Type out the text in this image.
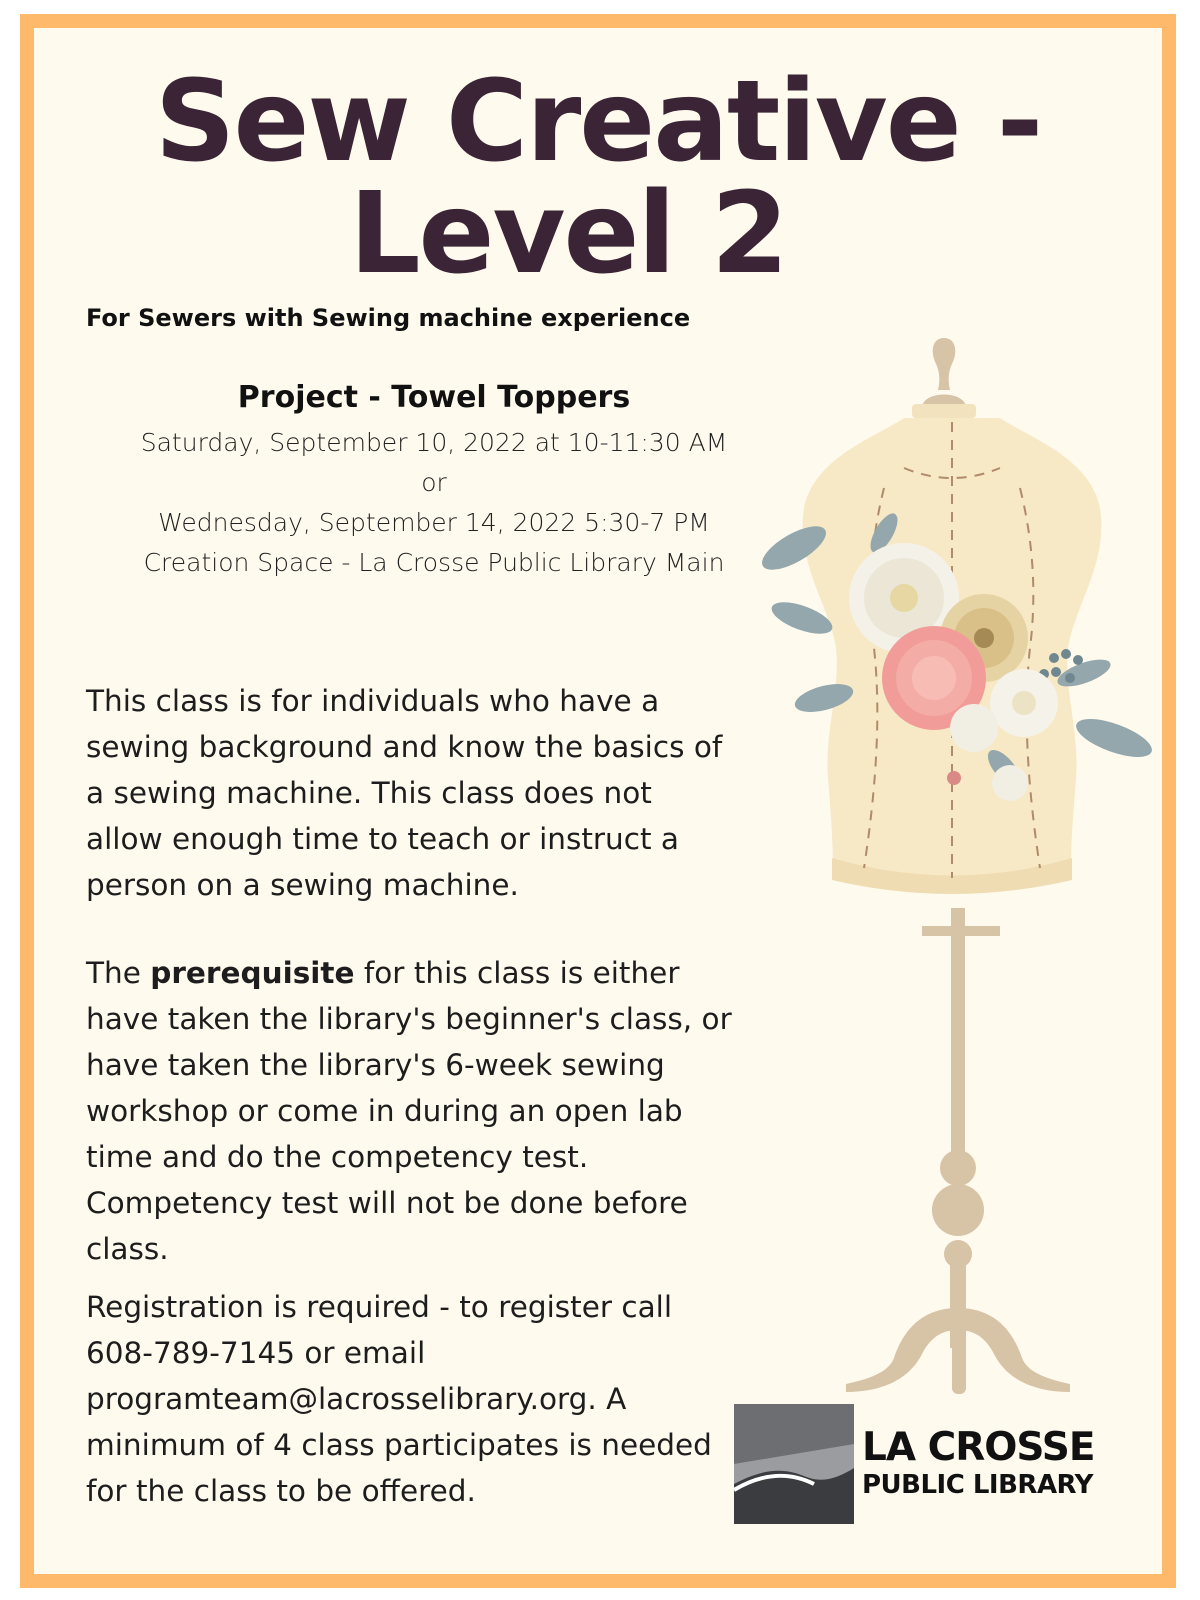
Sew Creative -
Level 2
For Sewers with Sewing machine experience
Project - Towel Toppers
Saturday, September 10, 2022 at 10-11:30 AM
or
Wednesday, September 14, 2022 5:30-7 PM
Creation Space - La Crosse Public Library Main
This class is for individuals who have a sewing background and know the basics of a sewing machine. This class does not allow enough time to teach or instruct a person on a sewing machine.
The prerequisite for this class is either have taken the library's beginner's class, or have taken the library's 6-week sewing workshop or come in during an open lab time and do the competency test. Competency test will not be done before class.
Registration is required - to register call 608-789-7145 or email programteam@lacrosselibrary.org. A minimum of 4 class participates is needed for the class to be offered.
LA CROSSE
PUBLIC LIBRARY
